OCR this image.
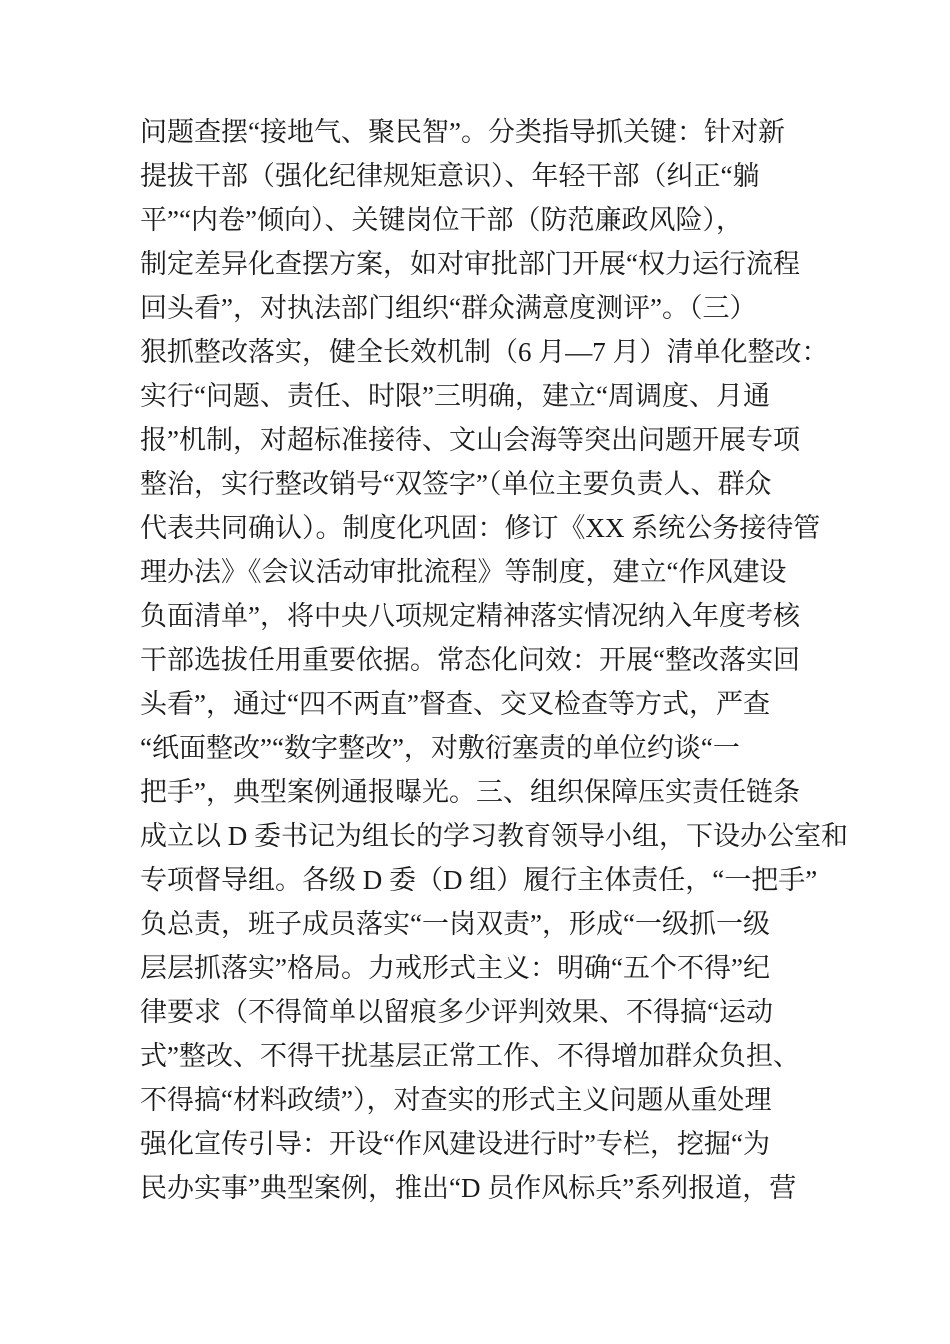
问题查摆“接地气、聚民智”。分类指导抓关键：针对新
提拔干部（强化纪律规矩意识）、年轻干部（纠正“躺
平”“内卷”倾向）、关键岗位干部（防范廉政风险），
制定差异化查摆方案，如对审批部门开展“权力运行流程
回头看”，对执法部门组织“群众满意度测评”。（三）
狠抓整改落实，健全长效机制（6 月—7 月）清单化整改：
实行“问题、责任、时限”三明确，建立“周调度、月通
报”机制，对超标准接待、文山会海等突出问题开展专项
整治，实行整改销号“双签字”（单位主要负责人、群众
代表共同确认）。制度化巩固：修订《XX 系统公务接待管
理办法》《会议活动审批流程》等制度，建立“作风建设
负面清单”，将中央八项规定精神落实情况纳入年度考核
干部选拔任用重要依据。常态化问效：开展“整改落实回
头看”，通过“四不两直”督查、交叉检查等方式，严查
“纸面整改”“数字整改”，对敷衍塞责的单位约谈“一
把手”，典型案例通报曝光。三、组织保障压实责任链条
成立以 D 委书记为组长的学习教育领导小组，下设办公室和
专项督导组。各级 D 委（D 组）履行主体责任，“一把手”
负总责，班子成员落实“一岗双责”，形成“一级抓一级
层层抓落实”格局。力戒形式主义：明确“五个不得”纪
律要求（不得简单以留痕多少评判效果、不得搞“运动
式”整改、不得干扰基层正常工作、不得增加群众负担、
不得搞“材料政绩”），对查实的形式主义问题从重处理
强化宣传引导：开设“作风建设进行时”专栏，挖掘“为
民办实事”典型案例，推出“D 员作风标兵”系列报道，营
